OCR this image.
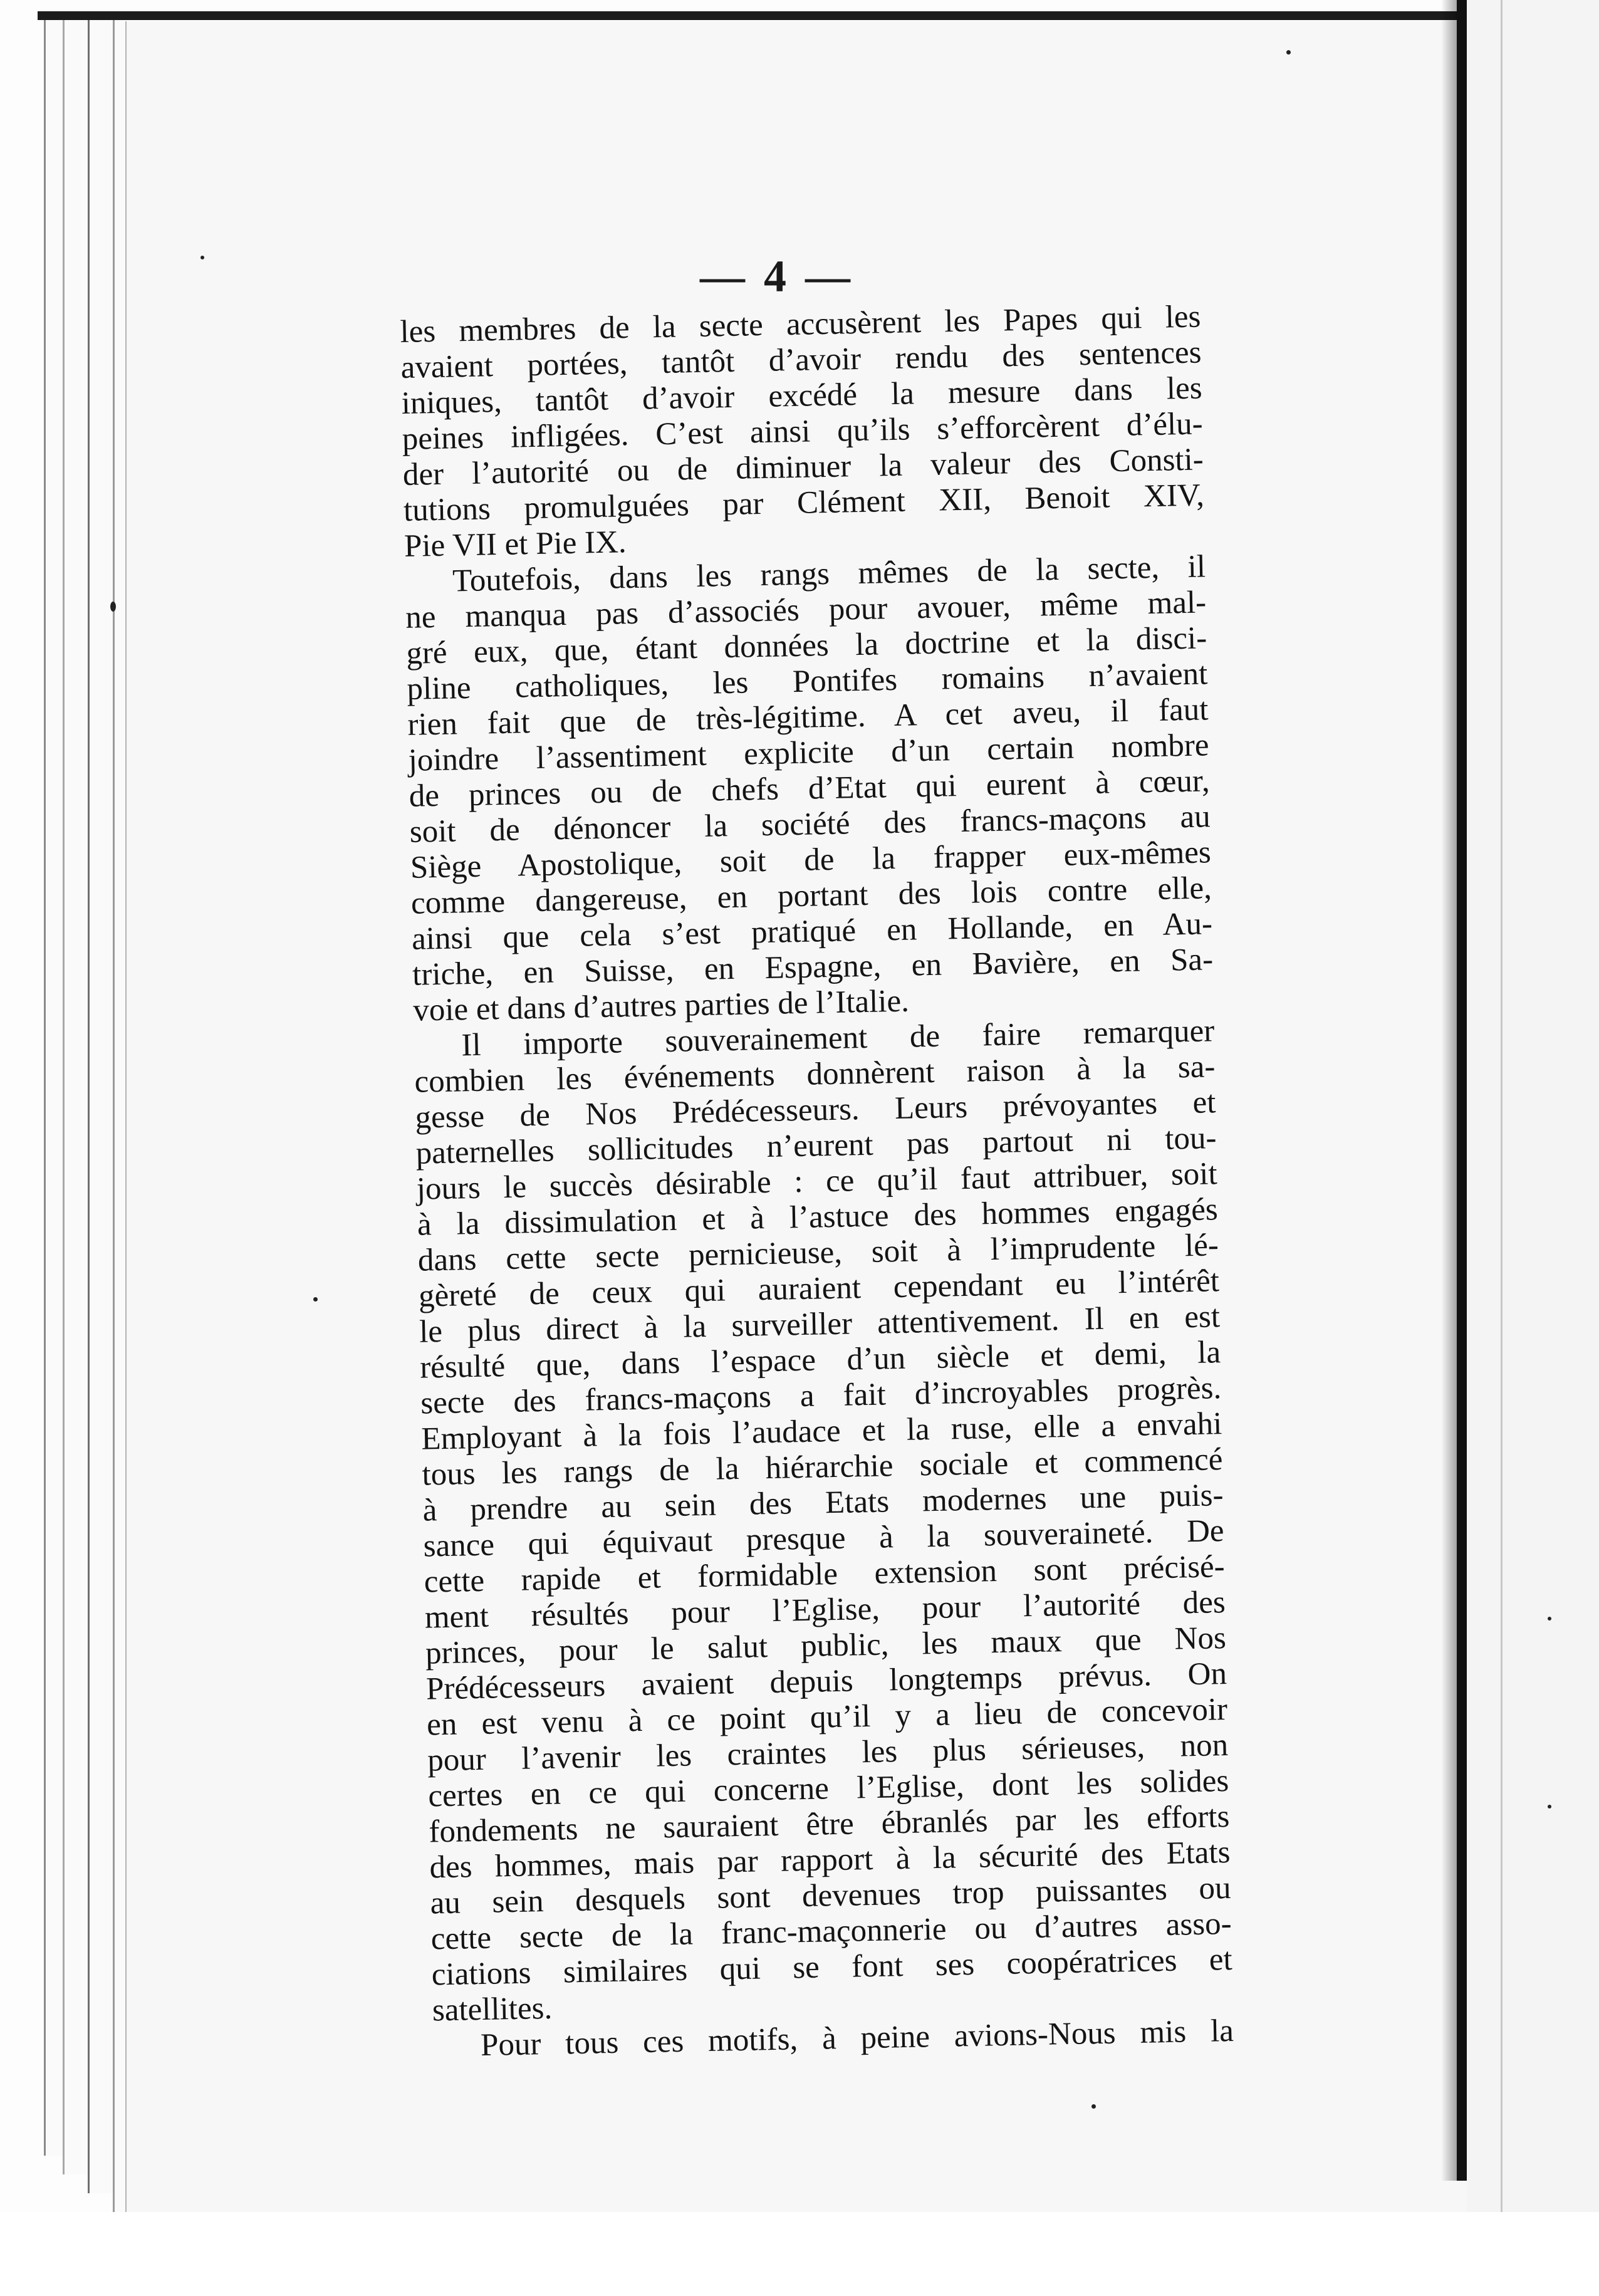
— 4 —
les membres de la secte accusèrent les Papes qui les
avaient portées, tantôt d’avoir rendu des sentences
iniques, tantôt d’avoir excédé la mesure dans les
peines infligées. C’est ainsi qu’ils s’efforcèrent d’élu-
der l’autorité ou de diminuer la valeur des Consti-
tutions promulguées par Clément XII, Benoit XIV,
Pie VII et Pie IX.
Toutefois, dans les rangs mêmes de la secte, il
ne manqua pas d’associés pour avouer, même mal-
gré eux, que, étant données la doctrine et la disci-
pline catholiques, les Pontifes romains n’avaient
rien fait que de très-légitime. A cet aveu, il faut
joindre l’assentiment explicite d’un certain nombre
de princes ou de chefs d’Etat qui eurent à cœur,
soit de dénoncer la société des francs-maçons au
Siège Apostolique, soit de la frapper eux-mêmes
comme dangereuse, en portant des lois contre elle,
ainsi que cela s’est pratiqué en Hollande, en Au-
triche, en Suisse, en Espagne, en Bavière, en Sa-
voie et dans d’autres parties de l’Italie.
Il importe souverainement de faire remarquer
combien les événements donnèrent raison à la sa-
gesse de Nos Prédécesseurs. Leurs prévoyantes et
paternelles sollicitudes n’eurent pas partout ni tou-
jours le succès désirable : ce qu’il faut attribuer, soit
à la dissimulation et à l’astuce des hommes engagés
dans cette secte pernicieuse, soit à l’imprudente lé-
gèreté de ceux qui auraient cependant eu l’intérêt
le plus direct à la surveiller attentivement. Il en est
résulté que, dans l’espace d’un siècle et demi, la
secte des francs-maçons a fait d’incroyables progrès.
Employant à la fois l’audace et la ruse, elle a envahi
tous les rangs de la hiérarchie sociale et commencé
à prendre au sein des Etats modernes une puis-
sance qui équivaut presque à la souveraineté. De
cette rapide et formidable extension sont précisé-
ment résultés pour l’Eglise, pour l’autorité des
princes, pour le salut public, les maux que Nos
Prédécesseurs avaient depuis longtemps prévus. On
en est venu à ce point qu’il y a lieu de concevoir
pour l’avenir les craintes les plus sérieuses, non
certes en ce qui concerne l’Eglise, dont les solides
fondements ne sauraient être ébranlés par les efforts
des hommes, mais par rapport à la sécurité des Etats
au sein desquels sont devenues trop puissantes ou
cette secte de la franc-maçonnerie ou d’autres asso-
ciations similaires qui se font ses coopératrices et
satellites.
Pour tous ces motifs, à peine avions-Nous mis la
